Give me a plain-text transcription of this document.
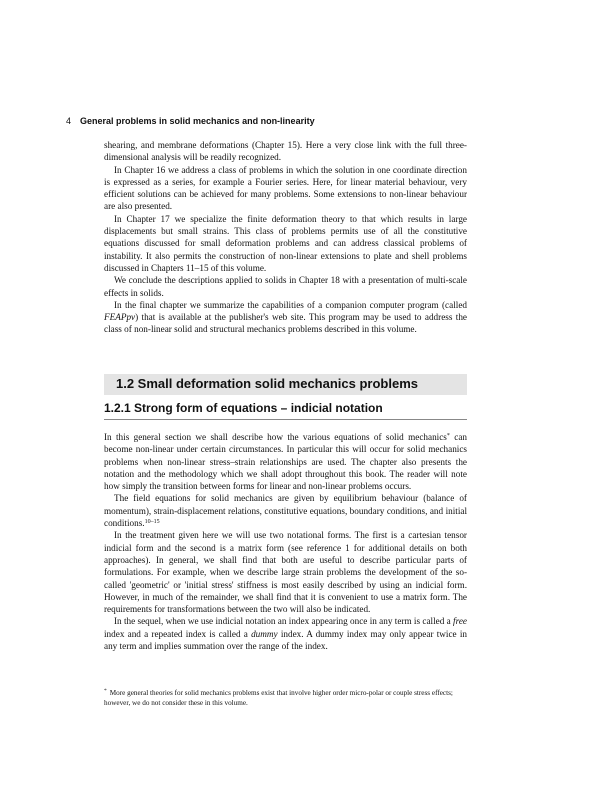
4 General problems in solid mechanics and non-linearity

shearing, and membrane deformations (Chapter 15). Here a very close link with the full three-dimensional analysis will be readily recognized.

In Chapter 16 we address a class of problems in which the solution in one coordinate direction is expressed as a series, for example a Fourier series. Here, for linear material behaviour, very efficient solutions can be achieved for many problems. Some extensions to non-linear behaviour are also presented.

In Chapter 17 we specialize the finite deformation theory to that which results in large displacements but small strains. This class of problems permits use of all the constitutive equations discussed for small deformation problems and can address classical problems of instability. It also permits the construction of non-linear extensions to plate and shell problems discussed in Chapters 11–15 of this volume.

We conclude the descriptions applied to solids in Chapter 18 with a presentation of multi-scale effects in solids.

In the final chapter we summarize the capabilities of a companion computer program (called FEAPpv) that is available at the publisher's web site. This program may be used to address the class of non-linear solid and structural mechanics problems described in this volume.

1.2 Small deformation solid mechanics problems
1.2.1 Strong form of equations – indicial notation

In this general section we shall describe how the various equations of solid mechanics* can become non-linear under certain circumstances. In particular this will occur for solid mechanics problems when non-linear stress–strain relationships are used. The chapter also presents the notation and the methodology which we shall adopt throughout this book. The reader will note how simply the transition between forms for linear and non-linear problems occurs.

The field equations for solid mechanics are given by equilibrium behaviour (balance of momentum), strain-displacement relations, constitutive equations, boundary conditions, and initial conditions.$^{10-15}$

In the treatment given here we will use two notational forms. The first is a cartesian tensor indicial form and the second is a matrix form (see reference 1 for additional details on both approaches). In general, we shall find that both are useful to describe particular parts of formulations. For example, when we describe large strain problems the development of the so-called 'geometric' or 'initial stress' stiffness is most easily described by using an indicial form. However, in much of the remainder, we shall find that it is convenient to use a matrix form. The requirements for transformations between the two will also be indicated.

In the sequel, when we use indicial notation an index appearing once in any term is called a free index and a repeated index is called a dummy index. A dummy index may only appear twice in any term and implies summation over the range of the index.

* More general theories for solid mechanics problems exist that involve higher order micro-polar or couple stress effects; however, we do not consider these in this volume.
